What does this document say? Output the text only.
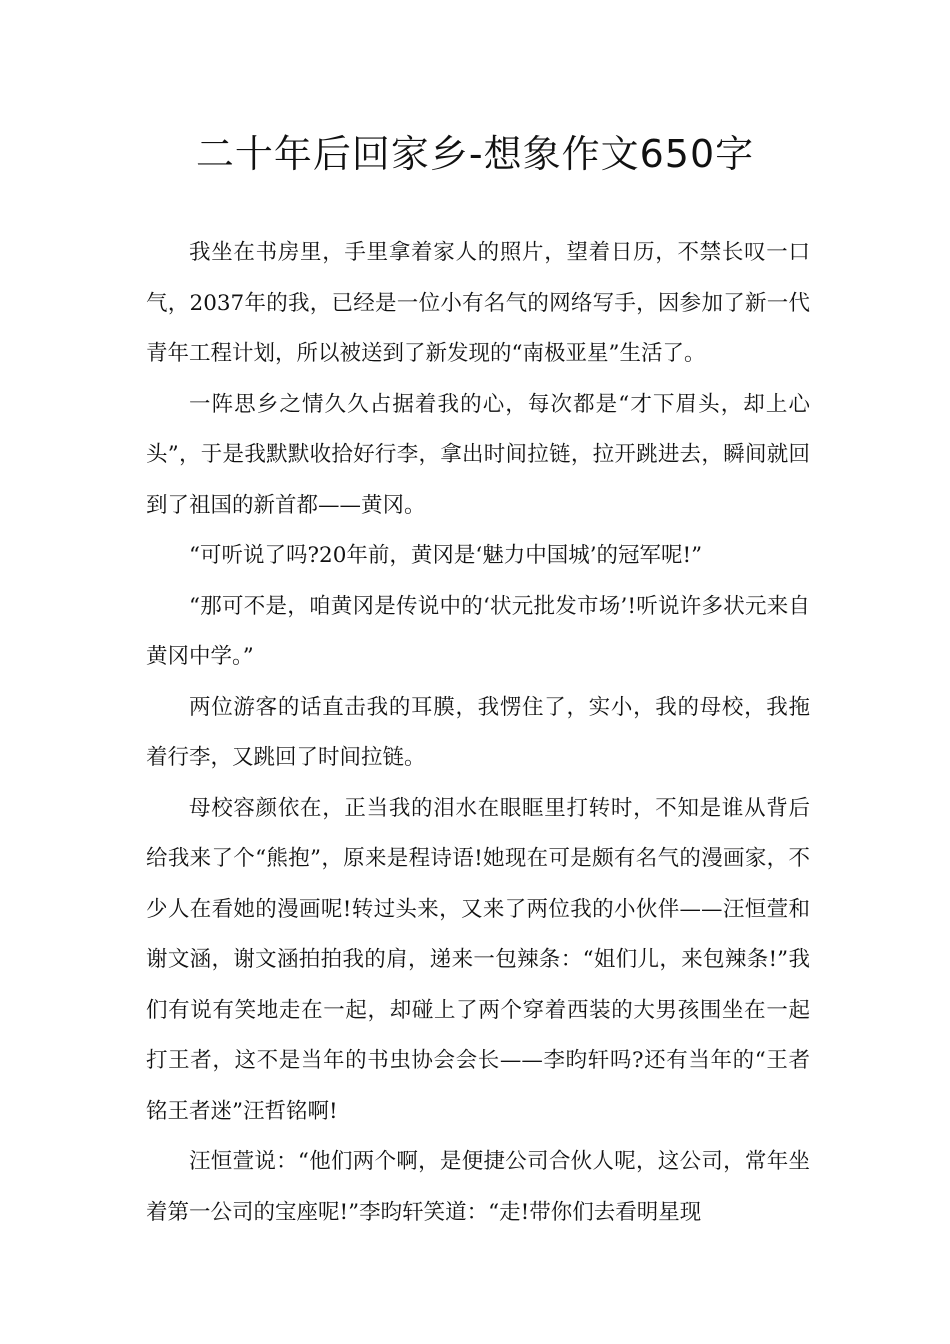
二十年后回家乡-想象作文650字

我坐在书房里，手里拿着家人的照片，望着日历，不禁长叹一口气，2037年的我，已经是一位小有名气的网络写手，因参加了新一代青年工程计划，所以被送到了新发现的“南极亚星”生活了。

一阵思乡之情久久占据着我的心，每次都是“才下眉头，却上心头”，于是我默默收拾好行李，拿出时间拉链，拉开跳进去，瞬间就回到了祖国的新首都——黄冈。

“可听说了吗?20年前，黄冈是‘魅力中国城’的冠军呢!”

“那可不是，咱黄冈是传说中的‘状元批发市场’!听说许多状元来自黄冈中学。”

两位游客的话直击我的耳膜，我愣住了，实小，我的母校，我拖着行李，又跳回了时间拉链。

母校容颜依在，正当我的泪水在眼眶里打转时，不知是谁从背后给我来了个“熊抱”，原来是程诗语!她现在可是颇有名气的漫画家，不少人在看她的漫画呢!转过头来，又来了两位我的小伙伴——汪恒萱和谢文涵，谢文涵拍拍我的肩，递来一包辣条：“姐们儿，来包辣条!”我们有说有笑地走在一起，却碰上了两个穿着西装的大男孩围坐在一起打王者，这不是当年的书虫协会会长——李昀轩吗?还有当年的“王者铭王者迷”汪哲铭啊!

汪恒萱说：“他们两个啊，是便捷公司合伙人呢，这公司，常年坐着第一公司的宝座呢!”李昀轩笑道：“走!带你们去看明星现
